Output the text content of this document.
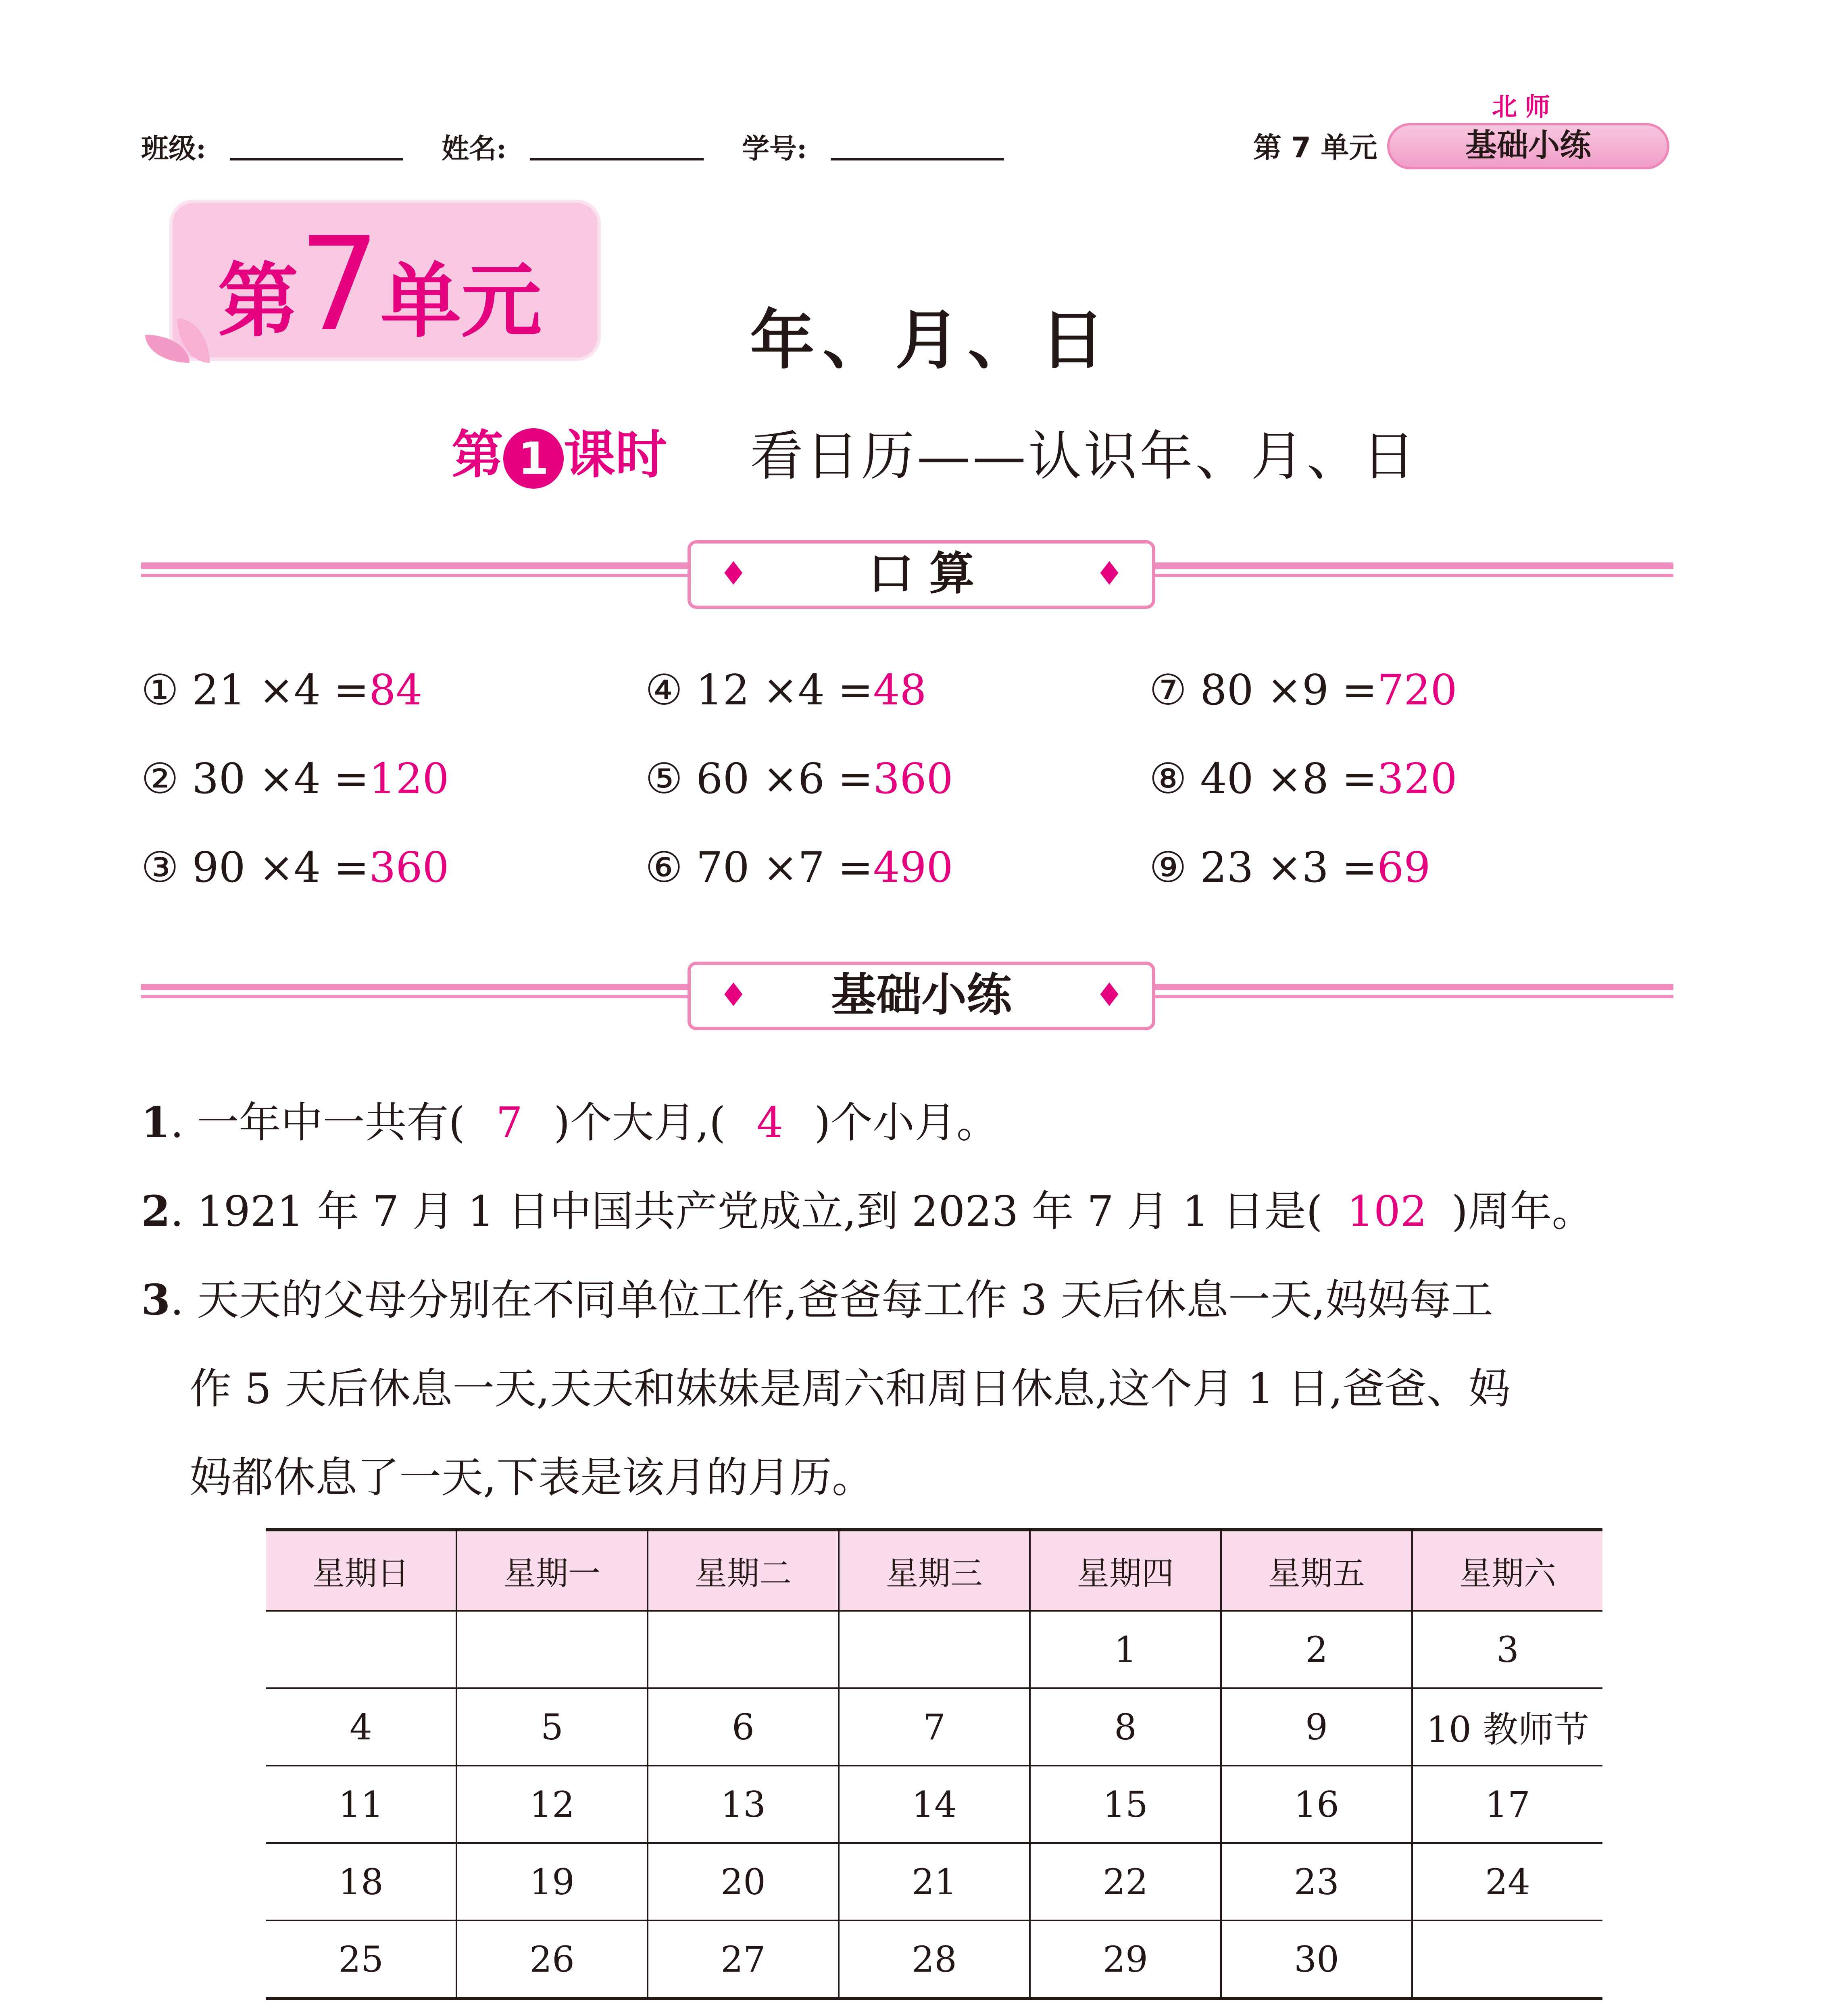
班级:	姓名:	学号:	第 7 单元
北师
基础小练
第7单元	年、月、日
第 1 课时 看日历——认识年、月、日
♦	口 算	♦
① 21 ×4 =84	④ 12 ×4 =48	⑦ 80 ×9 =720
② 30 ×4 =120	⑤ 60 ×6 =360	⑧ 40 ×8 =320
③ 90 ×4 =360	⑥ 70 ×7 =490	⑨ 23 ×3 =69
♦ 基础小练	♦
1. 一年中一共有( 7 )个大月,( 4 )个小月。
2. 1921 年 7 月 1 日中国共产党成立,到 2023 年 7 月 1 日是( 102 )周年。
3. 天天的父母分别在不同单位工作,爸爸每工作 3 天后休息一天,妈妈每工
作 5 天后休息一天,天天和妹妹是周六和周日休息,这个月 1 日,爸爸、妈
妈都休息了一天,下表是该月的月历。
星期日	星期一	星期二	星期三	星期四	星期五	星期六
				1	2	3
4	5	6	7	8	9	10 教师节
11	12	13	14	15	16	17
18	19	20	21	22	23	24
25	26	27	28	29	30	
